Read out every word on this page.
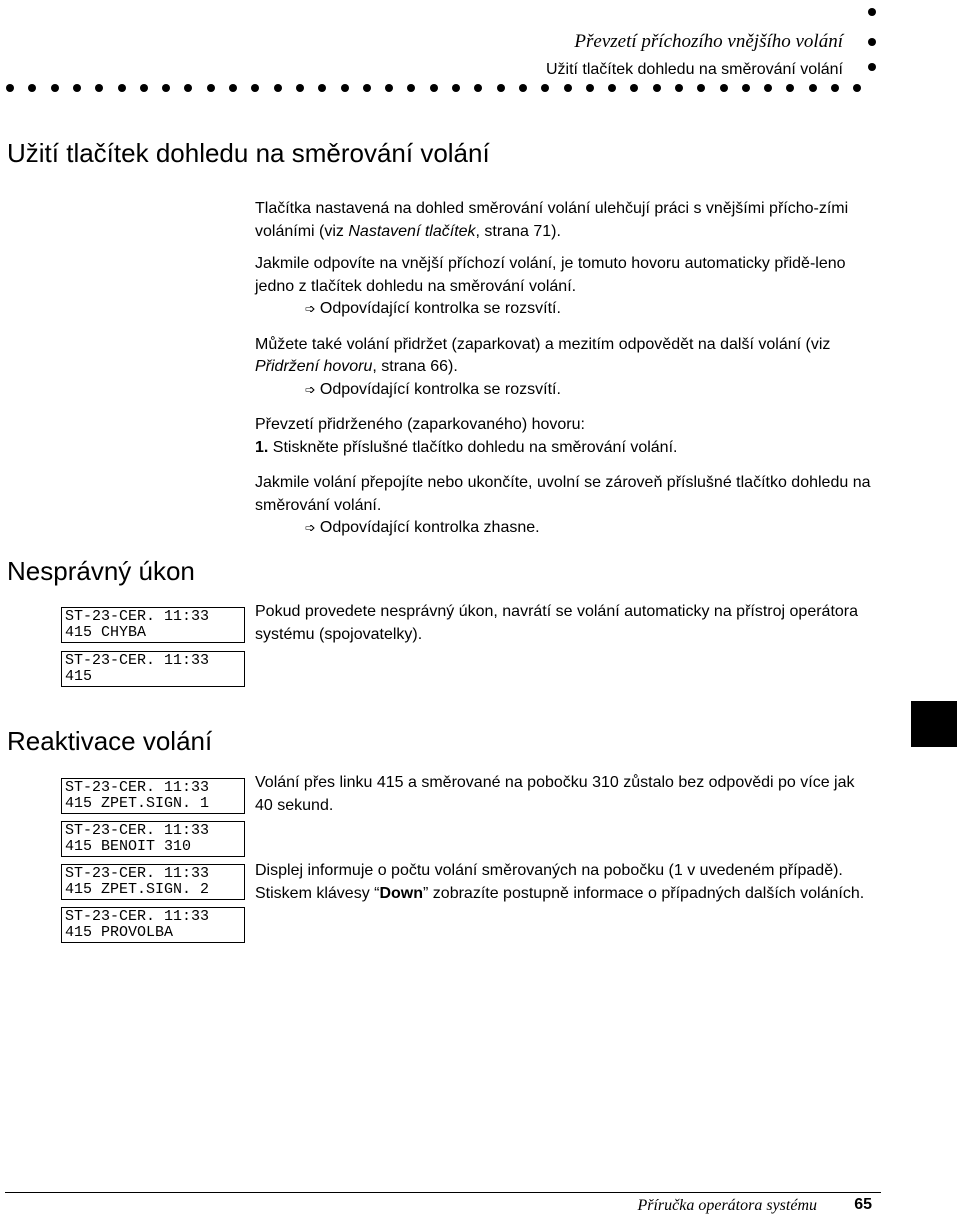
Převzetí příchozího vnějšího volání
Užití tlačítek dohledu na směrování volání
Užití tlačítek dohledu na směrování volání

Tlačítka nastavená na dohled směrování volání ulehčují práci s vnějšími přícho-zími voláními (viz Nastavení tlačítek, strana 71).

Jakmile odpovíte na vnější příchozí volání, je tomuto hovoru automaticky přidě-leno jedno z tlačítek dohledu na směrování volání.

➩ Odpovídající kontrolka se rozsvítí.

Můžete také volání přidržet (zaparkovat) a mezitím odpovědět na další volání (viz Přidržení hovoru, strana 66).

➩ Odpovídající kontrolka se rozsvítí.

Převzetí přidrženého (zaparkovaného) hovoru:

1. Stiskněte příslušné tlačítko dohledu na směrování volání.

Jakmile volání přepojíte nebo ukončíte, uvolní se zároveň příslušné tlačítko dohledu na směrování volání.

➩ Odpovídající kontrolka zhasne.

Nesprávný úkon
ST-23-CER. 11:33
415 CHYBA
ST-23-CER. 11:33
415

Pokud provedete nesprávný úkon, navrátí se volání automaticky na přístroj operátora systému (spojovatelky).

Reaktivace volání
ST-23-CER. 11:33
415 ZPET.SIGN. 1
ST-23-CER. 11:33
415 BENOIT 310
ST-23-CER. 11:33
415 ZPET.SIGN. 2
ST-23-CER. 11:33
415 PROVOLBA

Volání přes linku 415 a směrované na pobočku 310 zůstalo bez odpovědi po více jak 40 sekund.

Displej informuje o počtu volání směrovaných na pobočku (1 v uvedeném případě). Stiskem klávesy “Down” zobrazíte postupně informace o případných dalších voláních.

Příručka operátora systému 65
